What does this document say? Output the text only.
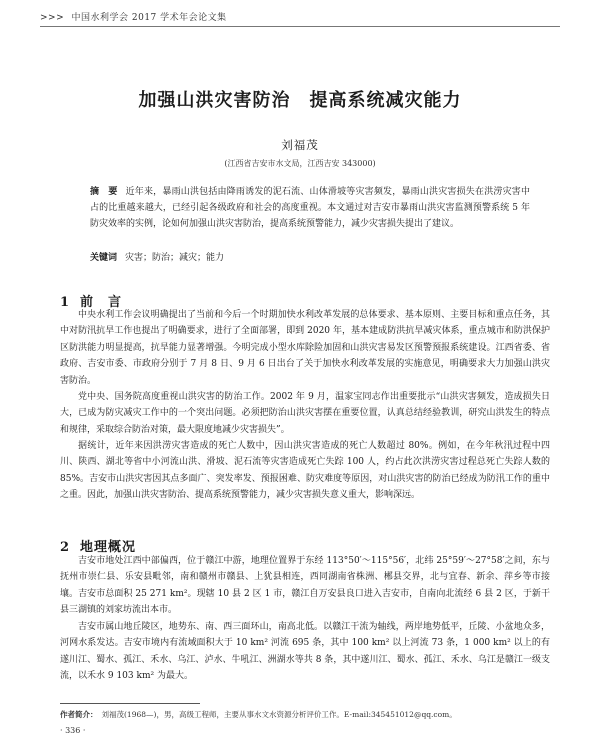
>>> 中国水利学会 2017 学术年会论文集
加强山洪灾害防治　提高系统减灾能力
刘福茂
(江西省吉安市水文局，江西吉安 343000)
摘　要 近年来，暴雨山洪包括由降雨诱发的泥石流、山体滑坡等灾害频发，暴雨山洪灾害损失在洪涝灾害中占的比重越来越大，已经引起各级政府和社会的高度重视。本文通过对吉安市暴雨山洪灾害监测预警系统 5 年防灾效率的实例，论如何加强山洪灾害防治，提高系统预警能力，减少灾害损失提出了建议。
关键词 灾害；防治；减灾；能力
1 前　言

中央水利工作会议明确提出了当前和今后一个时期加快水利改革发展的总体要求、基本原则、主要目标和重点任务，其中对防汛抗旱工作也提出了明确要求，进行了全面部署，即到 2020 年，基本建成防洪抗旱减灾体系，重点城市和防洪保护区防洪能力明显提高，抗旱能力显著增强。今明完成小型水库除险加固和山洪灾害易发区预警预报系统建设。江西省委、省政府、吉安市委、市政府分别于 7 月 8 日、9 月 6 日出台了关于加快水利改革发展的实施意见，明确要求大力加强山洪灾害防治。

党中央、国务院高度重视山洪灾害的防治工作。2002 年 9 月，温家宝同志作出重要批示“山洪灾害频发，造成损失日大，已成为防灾减灾工作中的一个突出问题。必须把防治山洪灾害摆在重要位置，认真总结经验教训，研究山洪发生的特点和规律，采取综合防治对策，最大限度地减少灾害损失”。

据统计，近年来因洪涝灾害造成的死亡人数中，因山洪灾害造成的死亡人数超过 80%。例如，在今年秋汛过程中四川、陕西、湖北等省中小河流山洪、滑坡、泥石流等灾害造成死亡失踪 100 人，约占此次洪涝灾害过程总死亡失踪人数的 85%。吉安市山洪灾害因其点多面广、突发率发、预报困难、防灾难度等原因，对山洪灾害的防治已经成为防汛工作的重中之重。因此，加强山洪灾害防治、提高系统预警能力，减少灾害损失意义重大，影响深远。

2 地理概况

吉安市地处江西中部偏西，位于赣江中游，地理位置界于东经 113°50′～115°56′，北纬 25°59′～27°58′之间，东与抚州市崇仁县、乐安县毗邻，南和赣州市赣县、上犹县相连，西同湖南省株洲、郴县交界，北与宜春、新余、萍乡等市接壤。吉安市总面积 25 271 km²。现辖 10 县 2 区 1 市，赣江自万安县良口进入吉安市，自南向北流经 6 县 2 区，于新干县三湖镇的刘家坊流出本市。

吉安市属山地丘陵区，地势东、南、西三面环山，南高北低。以赣江干流为轴线，两岸地势低平，丘陵、小盆地众多，河网水系发达。吉安市境内有流域面积大于 10 km² 河流 695 条，其中 100 km² 以上河流 73 条，1 000 km² 以上的有遂川江、蜀水、孤江、禾水、乌江、泸水、牛吼江、洲湖水等共 8 条，其中遂川江、蜀水、孤江、禾水、乌江是赣江一级支流，以禾水 9 103 km² 为最大。

作者简介： 刘福茂(1968—)，男，高级工程师，主要从事水文水资源分析评价工作。E-mail:345451012@qq.com。
· 336 ·
